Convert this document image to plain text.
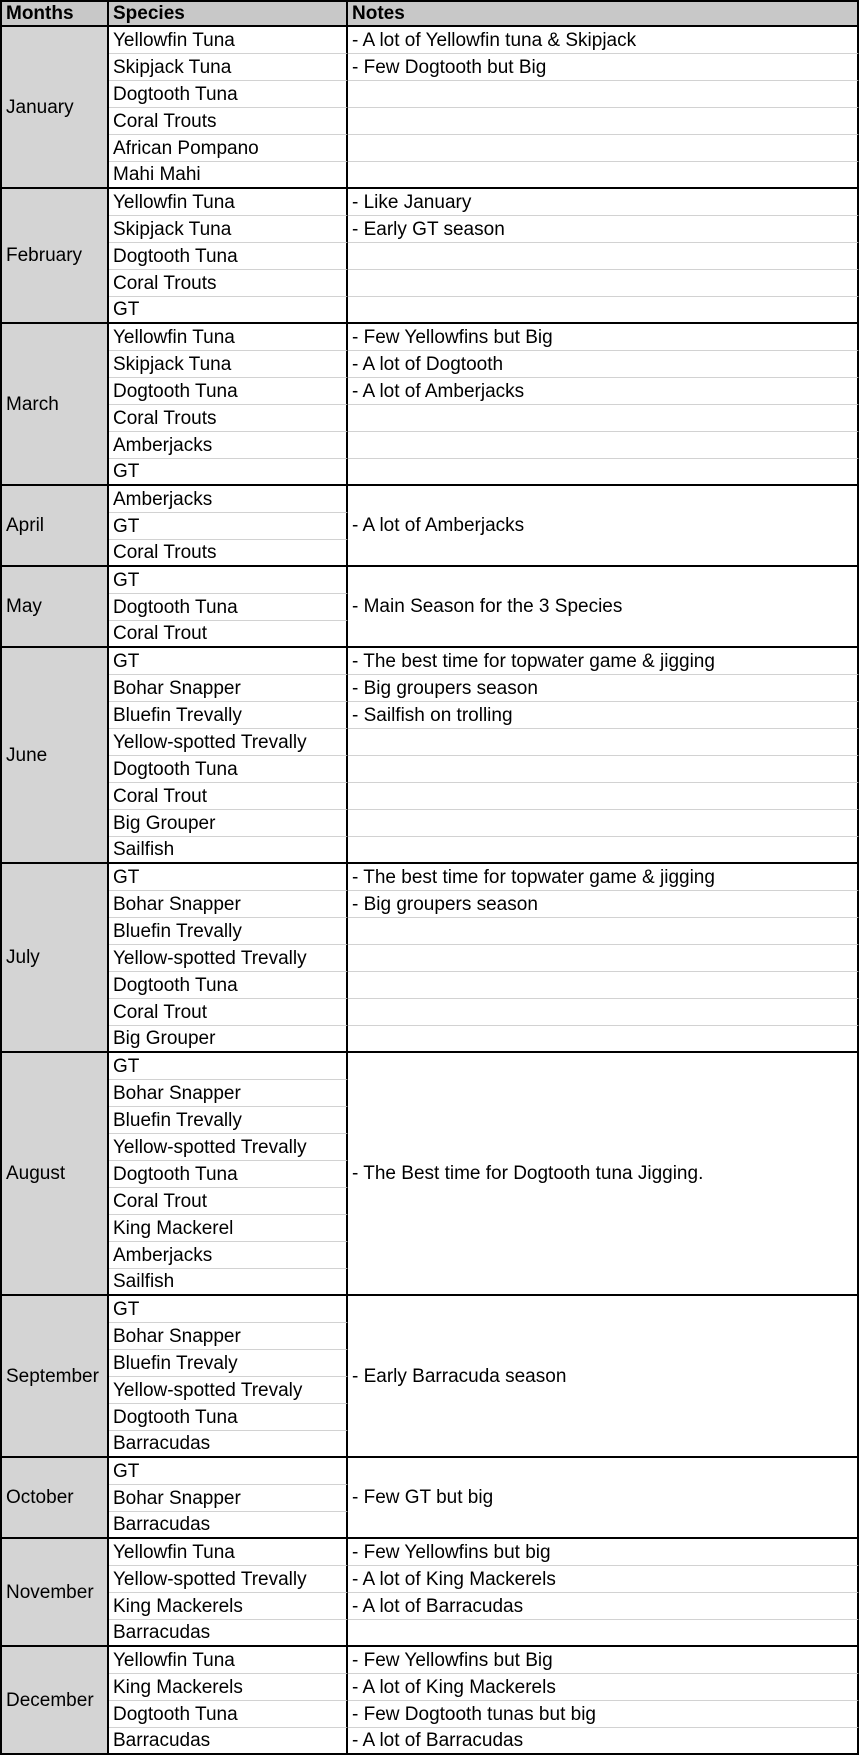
Months	Species	Notes
January
Yellowfin Tuna
Skipjack Tuna
Dogtooth Tuna
Coral Trouts
African Pompano
Mahi Mahi
- A lot of Yellowfin tuna & Skipjack
- Few Dogtooth but Big
February
Yellowfin Tuna
Skipjack Tuna
Dogtooth Tuna
Coral Trouts
GT
- Like January
- Early GT season
March
Yellowfin Tuna
Skipjack Tuna
Dogtooth Tuna
Coral Trouts
Amberjacks
GT
- Few Yellowfins but Big
- A lot of Dogtooth
- A lot of Amberjacks
April
Amberjacks
GT
Coral Trouts
- A lot of Amberjacks
May
GT
Dogtooth Tuna
Coral Trout
- Main Season for the 3 Species
June
GT
Bohar Snapper
Bluefin Trevally
Yellow-spotted Trevally
Dogtooth Tuna
Coral Trout
Big Grouper
Sailfish
- The best time for topwater game & jigging
- Big groupers season
- Sailfish on trolling
July
GT
Bohar Snapper
Bluefin Trevally
Yellow-spotted Trevally
Dogtooth Tuna
Coral Trout
Big Grouper
- The best time for topwater game & jigging
- Big groupers season
August
GT
Bohar Snapper
Bluefin Trevally
Yellow-spotted Trevally
Dogtooth Tuna
Coral Trout
King Mackerel
Amberjacks
Sailfish
- The Best time for Dogtooth tuna Jigging.
September
GT
Bohar Snapper
Bluefin Trevaly
Yellow-spotted Trevaly
Dogtooth Tuna
Barracudas
- Early Barracuda season
October
GT
Bohar Snapper
Barracudas
- Few GT but big
November
Yellowfin Tuna
Yellow-spotted Trevally
King Mackerels
Barracudas
- Few Yellowfins but big
- A lot of King Mackerels
- A lot of Barracudas
December
Yellowfin Tuna
King Mackerels
Dogtooth Tuna
Barracudas
- Few Yellowfins but Big
- A lot of King Mackerels
- Few Dogtooth tunas but big
- A lot of Barracudas
